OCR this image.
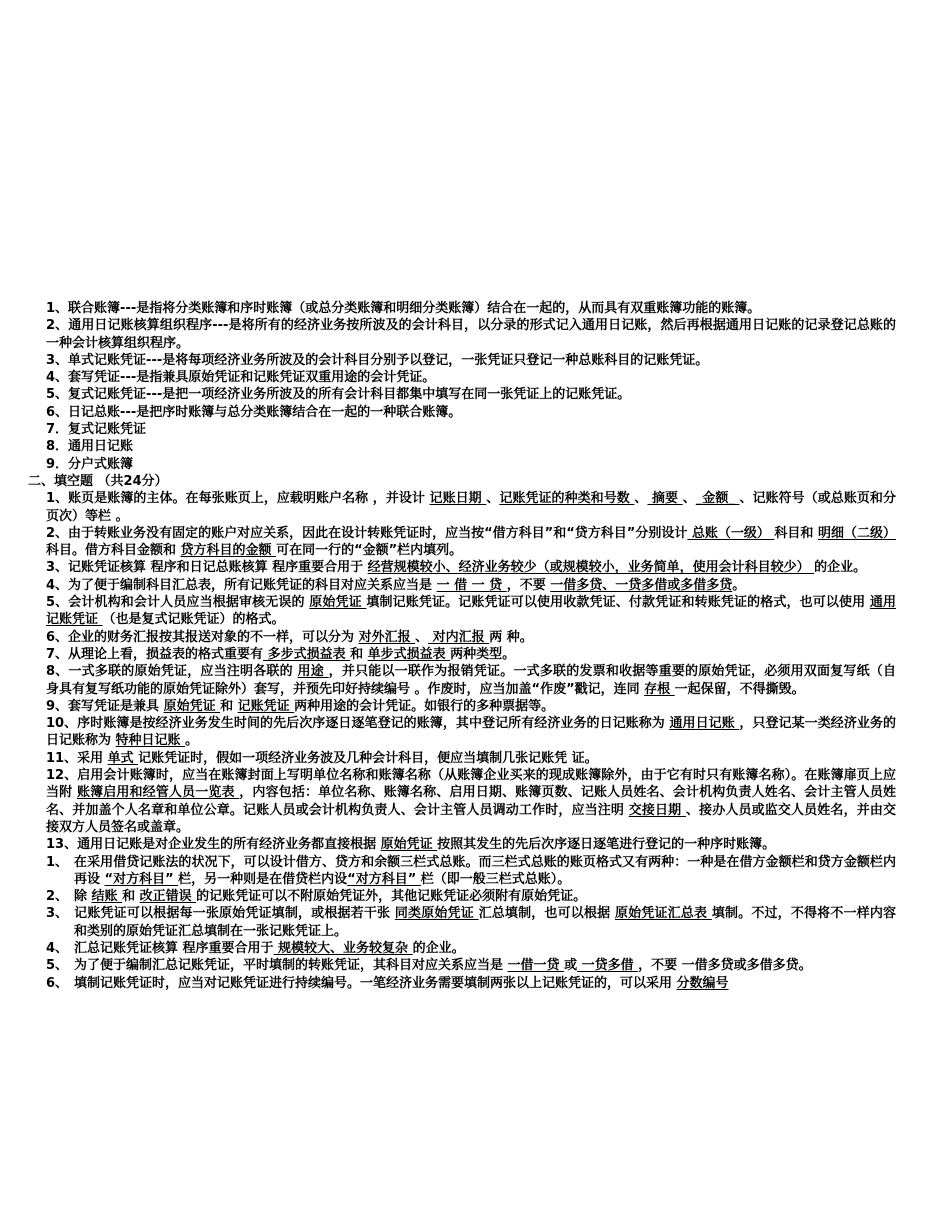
1、联合账簿---是指将分类账簿和序时账簿（或总分类账簿和明细分类账簿）结合在一起的，从而具有双重账簿功能的账簿。

2、通用日记账核算组织程序---是将所有的经济业务按所波及的会计科目，以分录的形式记入通用日记账，然后再根据通用日记账的记录登记总账的一种会计核算组织程序。

3、单式记账凭证---是将每项经济业务所波及的会计科目分别予以登记，一张凭证只登记一种总账科目的记账凭证。

4、套写凭证---是指兼具原始凭证和记账凭证双重用途的会计凭证。

5、复式记账凭证---是把一项经济业务所波及的所有会计科目都集中填写在同一张凭证上的记账凭证。

6、日记总账---是把序时账簿与总分类账簿结合在一起的一种联合账簿。

7．复式记账凭证

8．通用日记账

9．分户式账簿

二、填空题 （共24分）

1、账页是账簿的主体。在每张账页上，应载明账户名称 ，并设计 记账日期 、记账凭证的种类和号数 、 摘要 、_金额_ 、记账符号（或总账页和分页次）等栏 。

2、由于转账业务没有固定的账户对应关系，因此在设计转账凭证时，应当按“借方科目”和“贷方科目”分别设计 总账（一级） 科目和 明细（二级） 科目。借方科目金额和 贷方科目的金额 可在同一行的“金额”栏内填列。

3、记账凭证核算 程序和日记总账核算 程序重要合用于 经营规模较小、经济业务较少（或规模较小，业务简单，使用会计科目较少） 的企业。

4、为了便于编制科目汇总表，所有记账凭证的科目对应关系应当是 一 借 一 贷 ，不要 一借多贷、一贷多借或多借多贷。

5、会计机构和会计人员应当根据审核无误的 原始凭证 填制记账凭证。记账凭证可以使用收款凭证、付款凭证和转账凭证的格式，也可以使用 通用记账凭证 （也是复式记账凭证）的格式。

6、企业的财务汇报按其报送对象的不一样，可以分为 对外汇报 、 对内汇报 两 种。

7、从理论上看，损益表的格式重要有 多步式损益表 和 单步式损益表 两种类型。

8、一式多联的原始凭证，应当注明各联的 用途 ，并只能以一联作为报销凭证。一式多联的发票和收据等重要的原始凭证，必须用双面复写纸（自身具有复写纸功能的原始凭证除外）套写，并预先印好持续编号 。作废时，应当加盖“作废”戳记，连同 存根 一起保留，不得撕毁。

9、套写凭证是兼具 原始凭证 和 记账凭证 两种用途的会计凭证。如银行的多种票据等。

10、序时账簿是按经济业务发生时间的先后次序逐日逐笔登记的账簿，其中登记所有经济业务的日记账称为 通用日记账 ，只登记某一类经济业务的日记账称为 特种日记账 。

11、采用 单式 记账凭证时，假如一项经济业务波及几种会计科目，便应当填制几张记账凭 证。

12、启用会计账簿时，应当在账簿封面上写明单位名称和账簿名称（从账簿企业买来的现成账簿除外，由于它有时只有账簿名称）。在账簿扉页上应当附 账簿启用和经管人员一览表 ，内容包括：单位名称、账簿名称、启用日期、账簿页数、记账人员姓名、会计机构负责人姓名、会计主管人员姓名、并加盖个人名章和单位公章。记账人员或会计机构负责人、会计主管人员调动工作时，应当注明 交接日期 、接办人员或监交人员姓名，并由交接双方人员签名或盖章。

13、通用日记账是对企业发生的所有经济业务都直接根据 原始凭证 按照其发生的先后次序逐日逐笔进行登记的一种序时账簿。

1、 在采用借贷记账法的状况下，可以设计借方、贷方和余额三栏式总账。而三栏式总账的账页格式又有两种：一种是在借方金额栏和贷方金额栏内再设 “对方科目” 栏，另一种则是在借贷栏内设“对方科目” 栏（即一般三栏式总账）。

2、 除 结账 和 改正错误 的记账凭证可以不附原始凭证外，其他记账凭证必须附有原始凭证。

3、 记账凭证可以根据每一张原始凭证填制，或根据若干张 同类原始凭证 汇总填制，也可以根据 原始凭证汇总表 填制。不过，不得将不一样内容和类别的原始凭证汇总填制在一张记账凭证上。

4、 汇总记账凭证核算 程序重要合用于 规模较大、业务较复杂 的企业。

5、 为了便于编制汇总记账凭证，平时填制的转账凭证，其科目对应关系应当是 一借一贷 或 一贷多借 ，不要 一借多贷或多借多贷。

6、 填制记账凭证时，应当对记账凭证进行持续编号。一笔经济业务需要填制两张以上记账凭证的，可以采用 分数编号
